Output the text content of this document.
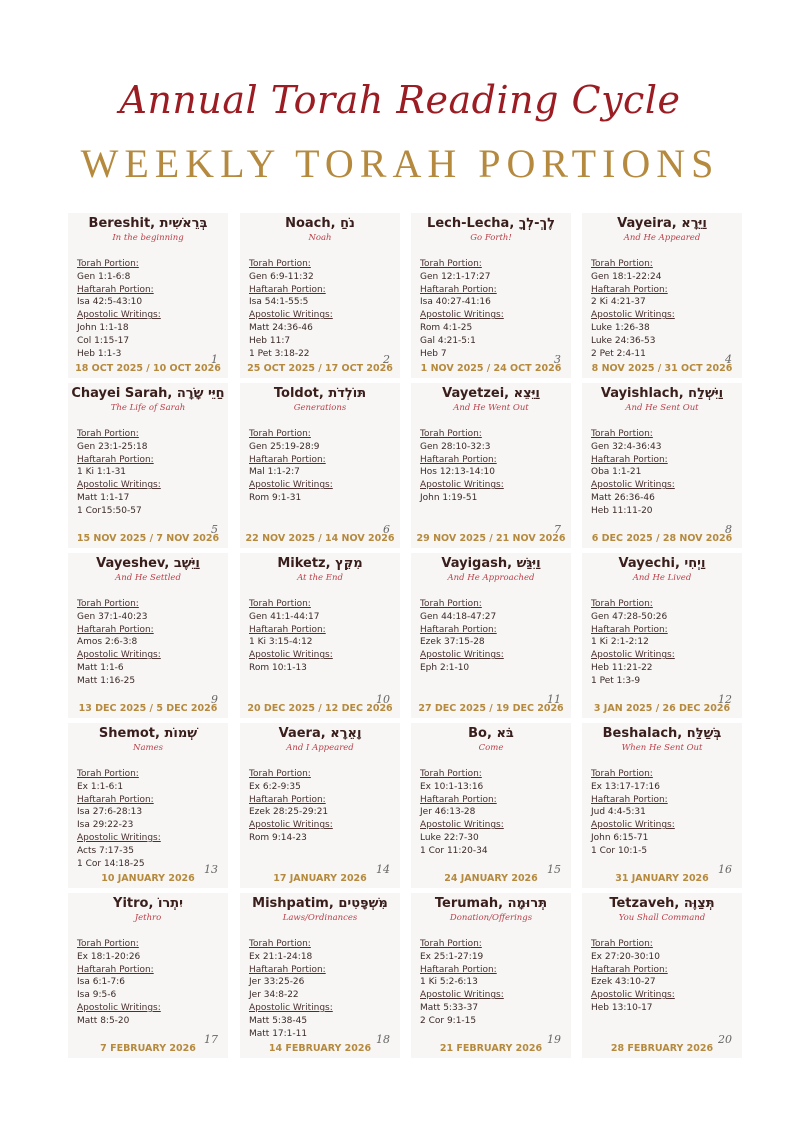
Annual Torah Reading Cycle
WEEKLY TORAH PORTIONS
Bereshit, בְּרֵאשִׁית
In the beginning
Torah Portion:
Gen 1:1-6:8
Haftarah Portion:
Isa 42:5-43:10
Apostolic Writings:
John 1:1-18
Col 1:15-17
Heb 1:1-3	1
18 OCT 2025 / 10 OCT 2026
Noach, נֹחַ
Noah
Torah Portion:
Gen 6:9-11:32
Haftarah Portion:
Isa 54:1-55:5
Apostolic Writings:
Matt 24:36-46
Heb 11:7
1 Pet 3:18-22	2
25 OCT 2025 / 17 OCT 2026
Lech-Lecha, לֶךְ-לְךָ
Go Forth!
Torah Portion:
Gen 12:1-17:27
Haftarah Portion:
Isa 40:27-41:16
Apostolic Writings:
Rom 4:1-25
Gal 4:21-5:1
Heb 7	3
1 NOV 2025 / 24 OCT 2026
Vayeira, וַיֵּרָא
And He Appeared
Torah Portion:
Gen 18:1-22:24
Haftarah Portion:
2 Ki 4:21-37
Apostolic Writings:
Luke 1:26-38
Luke 24:36-53
2 Pet 2:4-11	4
8 NOV 2025 / 31 OCT 2026
Chayei Sarah, חַיֵּי שָֹרָה
The Life of Sarah
Torah Portion:
Gen 23:1-25:18
Haftarah Portion:
1 Ki 1:1-31
Apostolic Writings:
Matt 1:1-17
1 Cor15:50-57
5
15 NOV 2025 / 7 NOV 2026
Toldot, תּוֹלְדֹת
Generations
Torah Portion:
Gen 25:19-28:9
Haftarah Portion:
Mal 1:1-2:7
Apostolic Writings:
Rom 9:1-31
6
22 NOV 2025 / 14 NOV 2026
Vayetzei, וַיֵּצֵא
And He Went Out
Torah Portion:
Gen 28:10-32:3
Haftarah Portion:
Hos 12:13-14:10
Apostolic Writings:
John 1:19-51
7
29 NOV 2025 / 21 NOV 2026
Vayishlach, וַיִּשְׁלַח
And He Sent Out
Torah Portion:
Gen 32:4-36:43
Haftarah Portion:
Oba 1:1-21
Apostolic Writings:
Matt 26:36-46
Heb 11:11-20
8
6 DEC 2025 / 28 NOV 2026
Vayeshev, וַיֵּשֶׁב
And He Settled
Torah Portion:
Gen 37:1-40:23
Haftarah Portion:
Amos 2:6-3:8
Apostolic Writings:
Matt 1:1-6
Matt 1:16-25
9
13 DEC 2025 / 5 DEC 2026
Miketz, מִקֵּץ
At the End
Torah Portion:
Gen 41:1-44:17
Haftarah Portion:
1 Ki 3:15-4:12
Apostolic Writings:
Rom 10:1-13
10
20 DEC 2025 / 12 DEC 2026
Vayigash, וַיִּגַּשׁ
And He Approached
Torah Portion:
Gen 44:18-47:27
Haftarah Portion:
Ezek 37:15-28
Apostolic Writings:
Eph 2:1-10
11
27 DEC 2025 / 19 DEC 2026
Vayechi, וַיְחִי
And He Lived
Torah Portion:
Gen 47:28-50:26
Haftarah Portion:
1 Ki 2:1-2:12
Apostolic Writings:
Heb 11:21-22
1 Pet 1:3-9
12
3 JAN 2025 / 26 DEC 2026
Shemot, שְׁמוֹת
Names
Torah Portion:
Ex 1:1-6:1
Haftarah Portion:
Isa 27:6-28:13
Isa 29:22-23
Apostolic Writings:
Acts 7:17-35
1 Cor 14:18-25	13
10 JANUARY 2026
Vaera, וָאֵרָא
And I Appeared
Torah Portion:
Ex 6:2-9:35
Haftarah Portion:
Ezek 28:25-29:21
Apostolic Writings:
Rom 9:14-23
14
17 JANUARY 2026
Bo, בֹּא
Come
Torah Portion:
Ex 10:1-13:16
Haftarah Portion:
Jer 46:13-28
Apostolic Writings:
Luke 22:7-30
1 Cor 11:20-34
15
24 JANUARY 2026
Beshalach, בְּשַׁלַּח
When He Sent Out
Torah Portion:
Ex 13:17-17:16
Haftarah Portion:
Jud 4:4-5:31
Apostolic Writings:
John 6:15-71
1 Cor 10:1-5
16
31 JANUARY 2026
Yitro, יִתְרוֹ
Jethro
Torah Portion:
Ex 18:1-20:26
Haftarah Portion:
Isa 6:1-7:6
Isa 9:5-6
Apostolic Writings:
Matt 8:5-20
17
7 FEBRUARY 2026
Mishpatim, מִּשְׁפָּטִים
Laws/Ordinances
Torah Portion:
Ex 21:1-24:18
Haftarah Portion:
Jer 33:25-26
Jer 34:8-22
Apostolic Writings:
Matt 5:38-45
Matt 17:1-11	18
14 FEBRUARY 2026
Terumah, תְּרוּמָה
Donation/Offerings
Torah Portion:
Ex 25:1-27:19
Haftarah Portion:
1 Ki 5:2-6:13
Apostolic Writings:
Matt 5:33-37
2 Cor 9:1-15
19
21 FEBRUARY 2026
Tetzaveh, תְּצַוֶּה
You Shall Command
Torah Portion:
Ex 27:20-30:10
Haftarah Portion:
Ezek 43:10-27
Apostolic Writings:
Heb 13:10-17
20
28 FEBRUARY 2026
